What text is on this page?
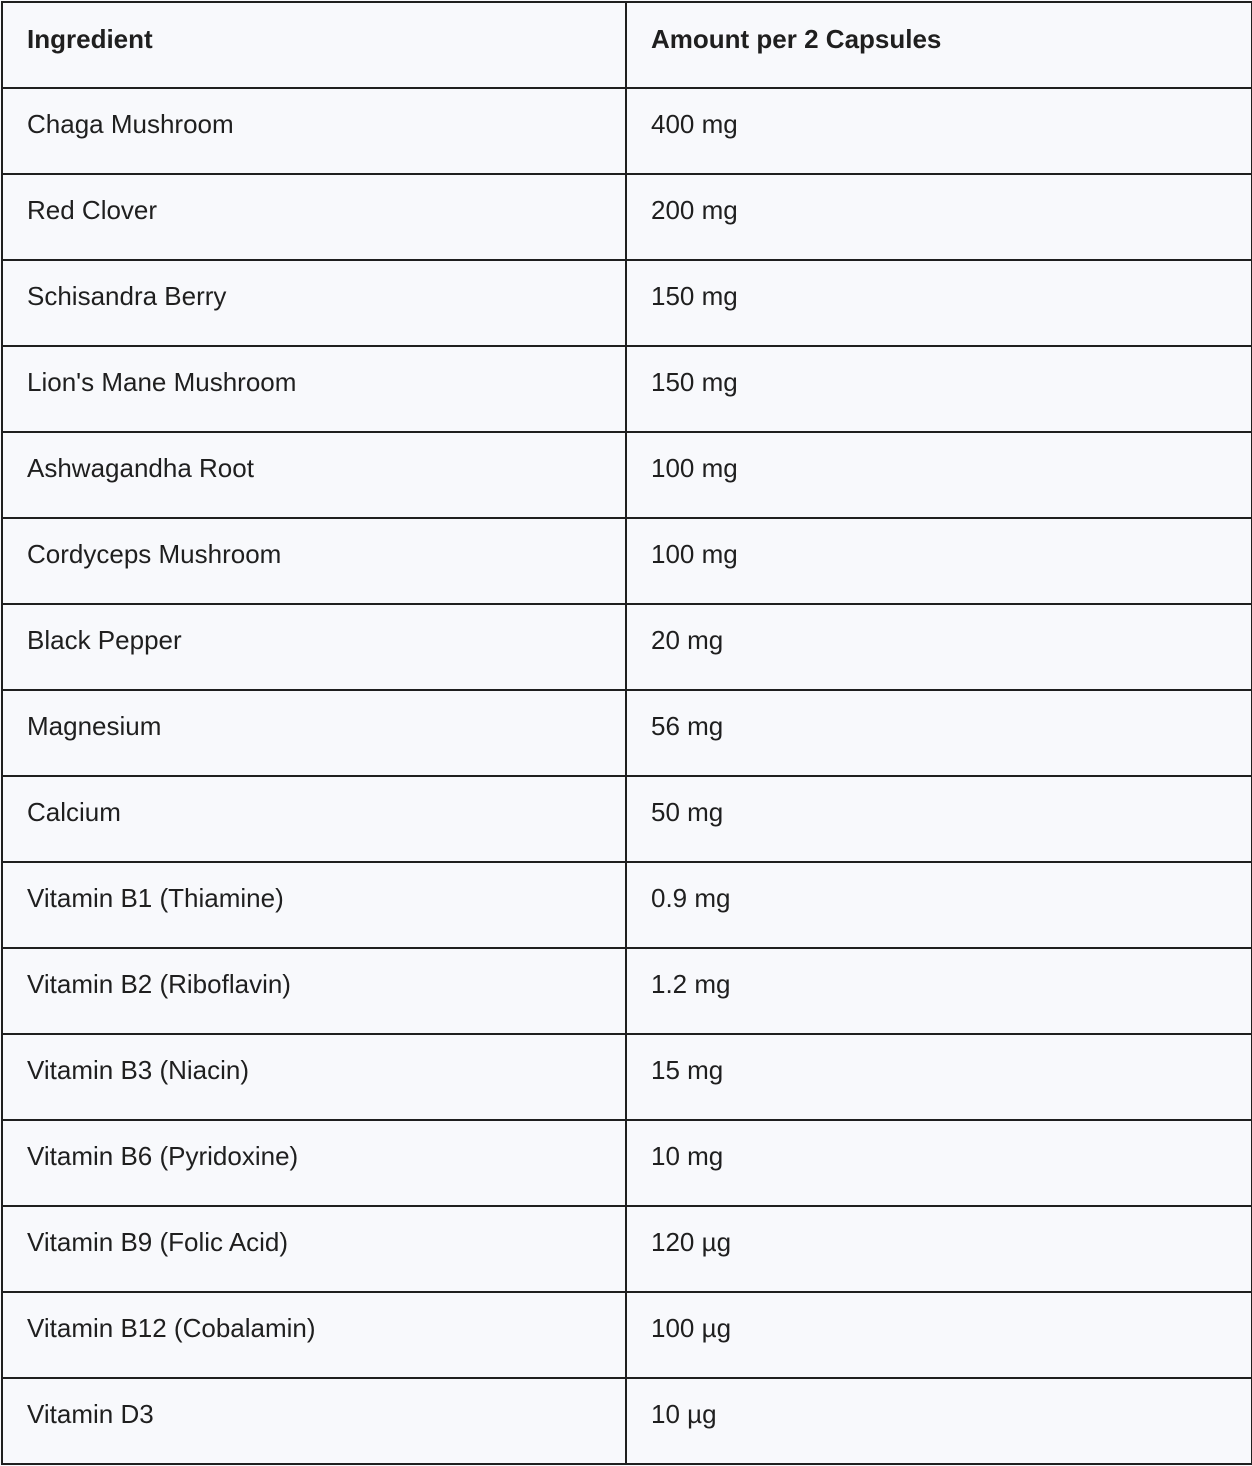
Ingredient	Amount per 2 Capsules
Chaga Mushroom	400 mg
Red Clover	200 mg
Schisandra Berry	150 mg
Lion's Mane Mushroom	150 mg
Ashwagandha Root	100 mg
Cordyceps Mushroom	100 mg
Black Pepper	20 mg
Magnesium	56 mg
Calcium	50 mg
Vitamin B1 (Thiamine)	0.9 mg
Vitamin B2 (Riboflavin)	1.2 mg
Vitamin B3 (Niacin)	15 mg
Vitamin B6 (Pyridoxine)	10 mg
Vitamin B9 (Folic Acid)	120 µg
Vitamin B12 (Cobalamin)	100 µg
Vitamin D3	10 µg
